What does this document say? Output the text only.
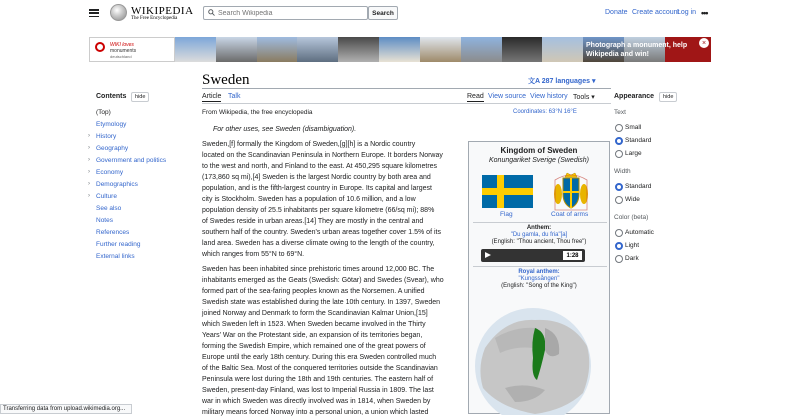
WIKIPEDIA
The Free Encyclopedia
Search Wikipedia
Search	Donate Create account
Log in •••
WIKI loves
monuments
deutschland
Photograph a monument, help Wikipedia and win!
×
Sweden	文A 287 languages ▾
Article Talk	Read View source View history Tools ▾
Contents	hide
(Top)
Etymology
› History
› Geography
› Government and politics
› Economy
› Demographics
› Culture
See also
Notes
References
Further reading
External links
From Wikipedia, the free encyclopedia	Coordinates: 63°N 16°E
For other uses, see Sweden (disambiguation).
Sweden,[f] formally the Kingdom of Sweden,[g][h] is a Nordic country
located on the Scandinavian Peninsula in Northern Europe. It borders Norway
to the west and north, and Finland to the east. At 450,295 square kilometres
(173,860 sq mi),[4] Sweden is the largest Nordic country by both area and
population, and is the fifth-largest country in Europe. Its capital and largest
city is Stockholm. Sweden has a population of 10.6 million, and a low
population density of 25.5 inhabitants per square kilometre (66/sq mi); 88%
of Swedes reside in urban areas.[14] They are mostly in the central and
southern half of the country. Sweden's urban areas together cover 1.5% of its
land area. Sweden has a diverse climate owing to the length of the country,
which ranges from 55°N to 69°N.
Sweden has been inhabited since prehistoric times around 12,000 BC. The
inhabitants emerged as the Geats (Swedish: Götar) and Swedes (Svear), who
formed part of the sea-faring peoples known as the Norsemen. A unified
Swedish state was established during the late 10th century. In 1397, Sweden
joined Norway and Denmark to form the Scandinavian Kalmar Union,[15]
which Sweden left in 1523. When Sweden became involved in the Thirty
Years' War on the Protestant side, an expansion of its territories began,
forming the Swedish Empire, which remained one of the great powers of
Europe until the early 18th century. During this era Sweden controlled much
of the Baltic Sea. Most of the conquered territories outside the Scandinavian
Peninsula were lost during the 18th and 19th centuries. The eastern half of
Sweden, present-day Finland, was lost to Imperial Russia in 1809. The last
war in which Sweden was directly involved was in 1814, when Sweden by
military means forced Norway into a personal union, a union which lasted
Kingdom of Sweden
Konungariket Sverige (Swedish)
Flag	Coat of arms
Anthem:
"Du gamla, du fria"[a]
(English: "Thou ancient, Thou free")
1:28
Royal anthem:
"Kungssången"
(English: "Song of the King")
Appearance	hide
Text
Small
Standard
Large
Width
Standard
Wide
Color (beta)
Automatic
Light
Dark
Transferring data from upload.wikimedia.org...
